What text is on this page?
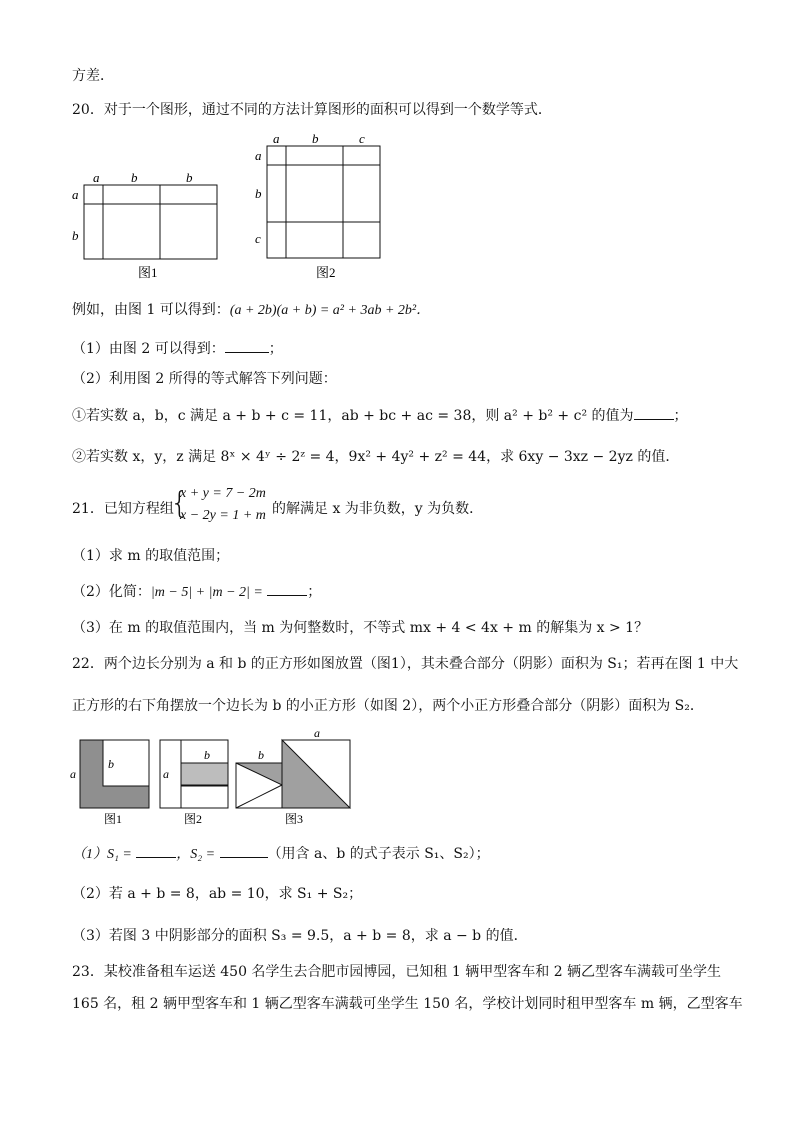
方差．
20．对于一个图形，通过不同的方法计算图形的面积可以得到一个数学等式．
a b	b
a
b
图1
a	b	c
a
b
c
图2
例如，由图 1 可以得到：(a + 2b)(a + b) = a² + 3ab + 2b²．
（1）由图 2 可以得到：	；
（2）利用图 2 所得的等式解答下列问题：
①若实数 a，b，c 满足 a + b + c = 11，ab + bc + ac = 38，则 a² + b² + c² 的值为	；
②若实数 x，y，z 满足 8ˣ × 4ʸ ÷ 2ᶻ = 4，9x² + 4y² + z² = 44，求 6xy − 3xz − 2yz 的值．
21．已知方程组
{
x + y = 7 − 2m
x − 2y = 1 + m 的解满足 x 为非负数，y 为负数．
（1）求 m 的取值范围；
（2）化简：|m − 5| + |m − 2| =	；
（3）在 m 的取值范围内，当 m 为何整数时，不等式 mx + 4 < 4x + m 的解集为 x > 1？
22．两个边长分别为 a 和 b 的正方形如图放置（图1），其未叠合部分（阴影）面积为 S₁；若再在图 1 中大
正方形的右下角摆放一个边长为 b 的小正方形（如图 2），两个小正方形叠合部分（阴影）面积为 S₂．
b
a
图1
b
a
图2
a
b
图3
（1）S₁ =	，S₂ =	（用含 a、b 的式子表示 S₁、S₂）；
（2）若 a + b = 8，ab = 10，求 S₁ + S₂；
（3）若图 3 中阴影部分的面积 S₃ = 9.5，a + b = 8，求 a − b 的值．
23．某校准备租车运送 450 名学生去合肥市园博园，已知租 1 辆甲型客车和 2 辆乙型客车满载可坐学生
165 名，租 2 辆甲型客车和 1 辆乙型客车满载可坐学生 150 名，学校计划同时租甲型客车 m 辆，乙型客车
